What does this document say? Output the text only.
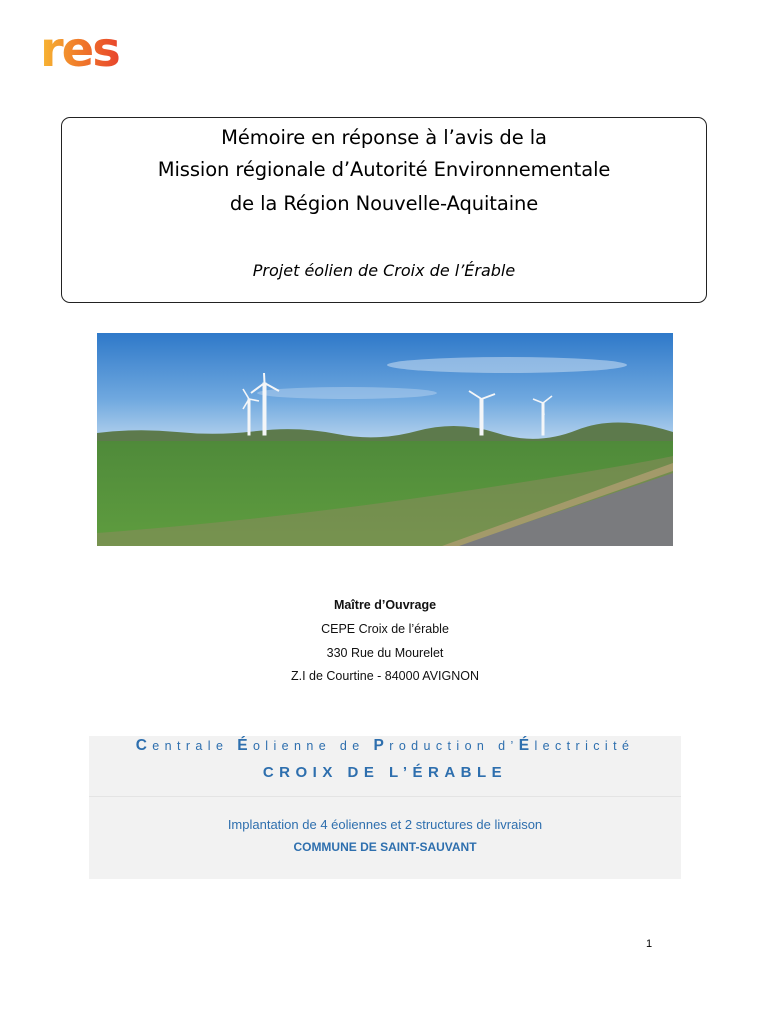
res
Mémoire en réponse à l’avis de la
Mission régionale d’Autorité Environnementale
de la Région Nouvelle-Aquitaine
Projet éolien de Croix de l’Érable
Maître d’Ouvrage
CEPE Croix de l’érable
330 Rue du Mourelet
Z.I de Courtine - 84000 AVIGNON
Centrale Éolienne de Production d’Électricité
CROIX DE L’ÉRABLE
Implantation de 4 éoliennes et 2 structures de livraison
COMMUNE DE SAINT-SAUVANT
1
